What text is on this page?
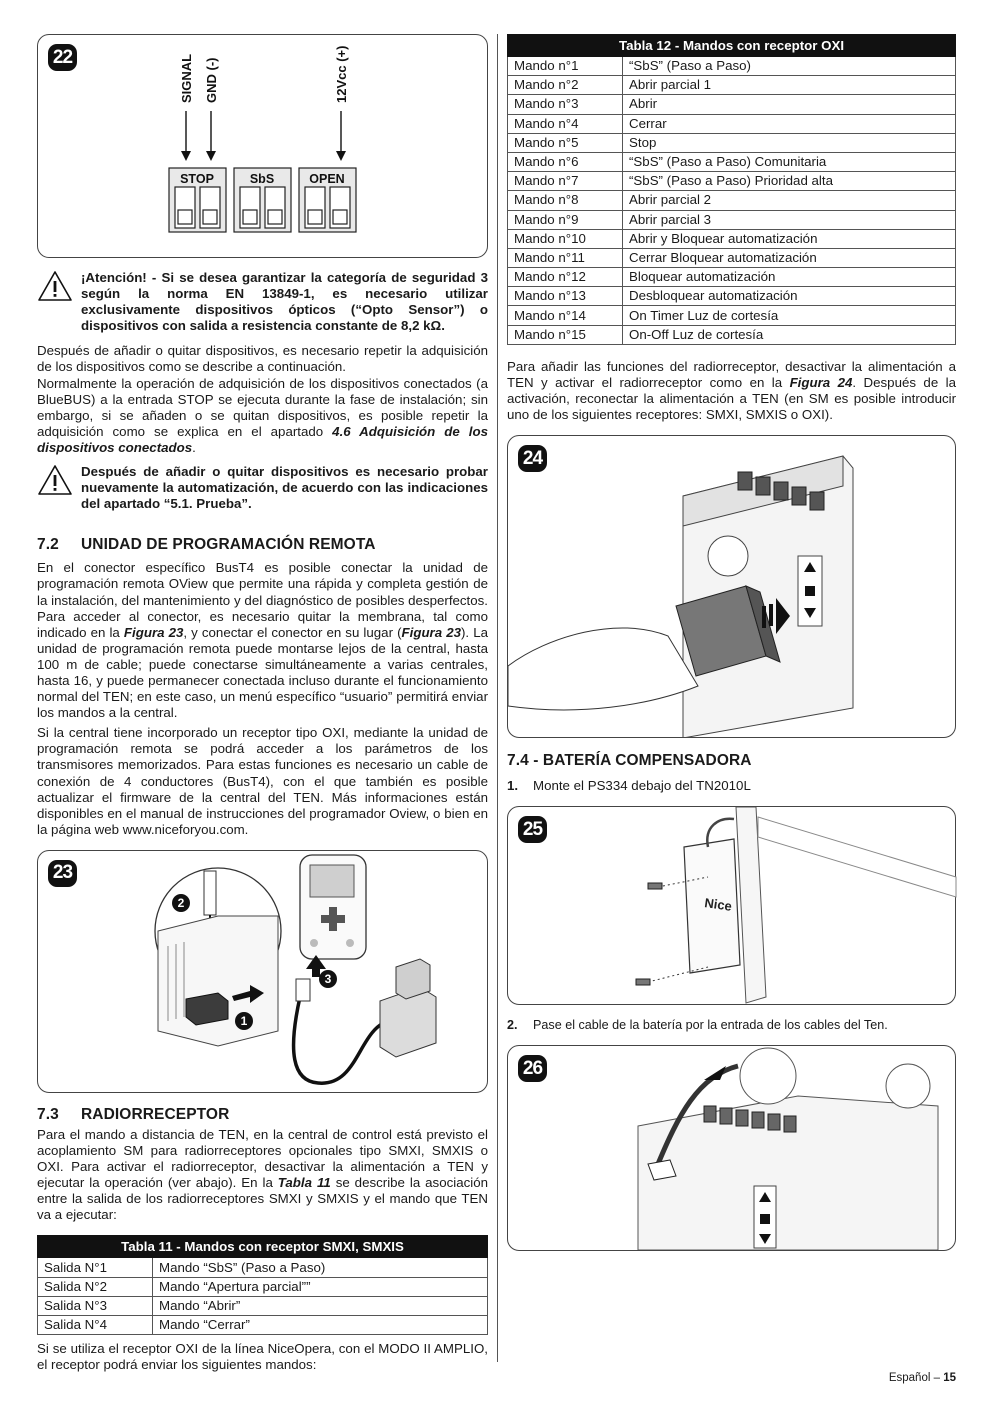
22	SIGNAL GND (-)	12Vcc (+)
STOP	SbS	OPEN

¡Atención! - Si se desea garantizar la categoría de seguridad 3 según la norma EN 13849-1, es necesario utilizar exclusivamente dispositivos ópticos (“Opto Sensor”) o dispositivos con salida a resistencia constante de 8,2 kΩ.

Después de añadir o quitar dispositivos, es necesario repetir la adquisición de los dispositivos como se describe a continuación.

Normalmente la operación de adquisición de los dispositivos conectados (a BlueBUS) a la entrada STOP se ejecuta durante la fase de instalación; sin embargo, si se añaden o se quitan dispositivos, es posible repetir la adquisición como se explica en el apartado 4.6 Adquisición de los dispositivos conectados.

Después de añadir o quitar dispositivos es necesario probar nuevamente la automatización, de acuerdo con las indicaciones del apartado “5.1. Prueba”.

7.2 UNIDAD DE PROGRAMACIÓN REMOTA

En el conector específico BusT4 es posible conectar la unidad de programación remota OView que permite una rápida y completa gestión de la instalación, del mantenimiento y del diagnóstico de posibles desperfectos. Para acceder al conector, es necesario quitar la membrana, tal como indicado en la Figura 23, y conectar el conector en su lugar (Figura 23). La unidad de programación remota puede montarse lejos de la central, hasta 100 m de cable; puede conectarse simultáneamente a varias centrales, hasta 16, y puede permanecer conectada incluso durante el funcionamiento normal del TEN; en este caso, un menú específico “usuario” permitirá enviar los mandos a la central.

Si la central tiene incorporado un receptor tipo OXI, mediante la unidad de programación remota se podrá acceder a los parámetros de los transmisores memorizados. Para estas funciones es necesario un cable de conexión de 4 conductores (BusT4), con el que también es posible actualizar el firmware de la central del TEN. Más informaciones están disponibles en el manual de instrucciones del programador Oview, o bien en la página web www.niceforyou.com.

23
1
2
3
7.3 RADIORRECEPTOR

Para el mando a distancia de TEN, en la central de control está previsto el acoplamiento SM para radiorreceptores opcionales tipo SMXI, SMXIS o OXI. Para activar el radiorreceptor, desactivar la alimentación a TEN y ejecutar la operación (ver abajo). En la Tabla 11 se describe la asociación entre la salida de los radiorreceptores SMXI y SMXIS y el mando que TEN va a ejecutar:

Tabla 11 - Mandos con receptor SMXI, SMXIS	
Salida N°1	Mando “SbS” (Paso a Paso)
Salida N°2	Mando “Apertura parcial””
Salida N°3	Mando “Abrir”
Salida N°4	Mando “Cerrar”

Si se utiliza el receptor OXI de la línea NiceOpera, con el MODO II AMPLIO, el receptor podrá enviar los siguientes mandos:

Tabla 12 - Mandos con receptor OXI	
Mando n°1	“SbS” (Paso a Paso)
Mando n°2	Abrir parcial 1
Mando n°3	Abrir
Mando n°4	Cerrar
Mando n°5	Stop
Mando n°6	“SbS” (Paso a Paso) Comunitaria
Mando n°7	“SbS” (Paso a Paso) Prioridad alta
Mando n°8	Abrir parcial 2
Mando n°9	Abrir parcial 3
Mando n°10	Abrir y Bloquear automatización
Mando n°11	Cerrar Bloquear automatización
Mando n°12	Bloquear automatización
Mando n°13	Desbloquear automatización
Mando n°14	On Timer Luz de cortesía
Mando n°15	On-Off Luz de cortesía

Para añadir las funciones del radiorreceptor, desactivar la alimentación a TEN y activar el radiorreceptor como en la Figura 24. Después de la activación, reconectar la alimentación a TEN (en SM es posible introducir uno de los siguientes receptores: SMXI, SMXIS o OXI).

24
7.4 - BATERÍA COMPENSADORA

1. Monte el PS334 debajo del TN2010L

25
Nice

2. Pase el cable de la batería por la entrada de los cables del Ten.

26
Español – 15
